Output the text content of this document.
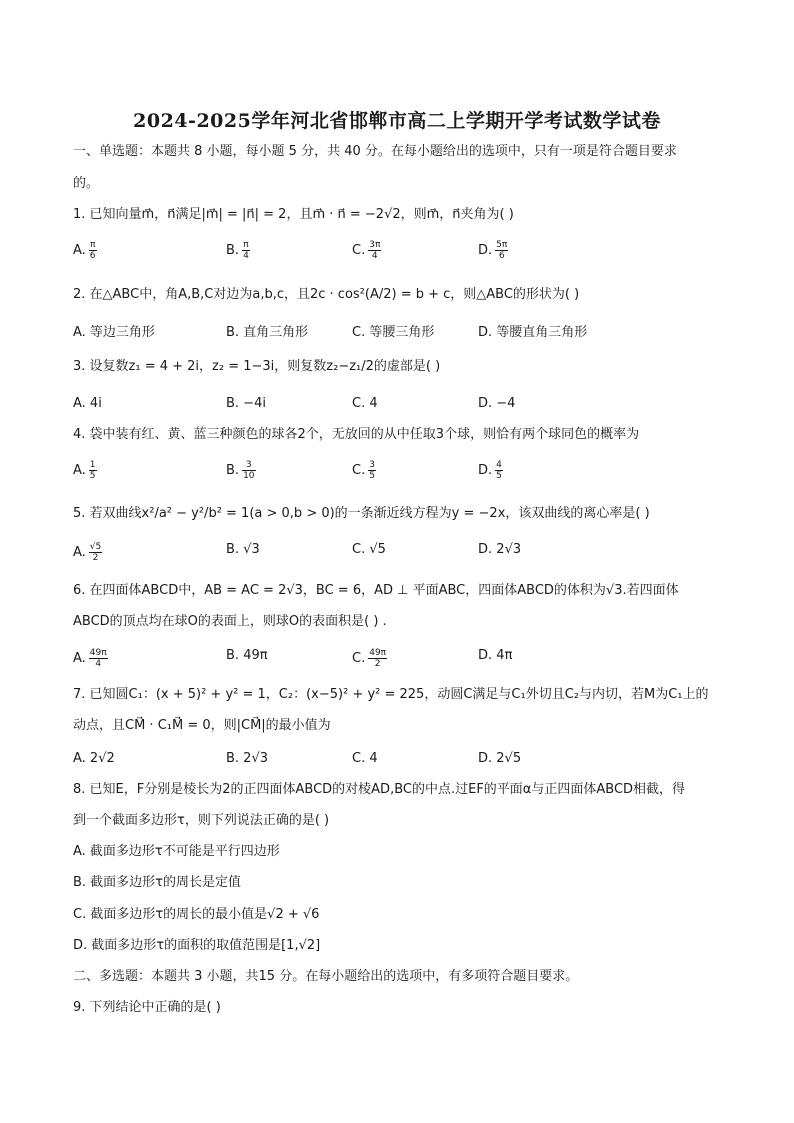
2024-2025学年河北省邯郸市高二上学期开学考试数学试卷
一、单选题：本题共 8 小题，每小题 5 分，共 40 分。在每小题给出的选项中，只有一项是符合题目要求
的。
1. 已知向量m⃗，n⃗满足|m⃗| = |n⃗| = 2，且m⃗ · n⃗ = −2√2，则m⃗，n⃗夹角为( )
A. $\frac{\pi}{6}$	B. $\frac{\pi}{4}$	C. $\frac{3\pi}{4}$	D. $\frac{5\pi}{6}$
2. 在△ABC中，角A,B,C对边为a,b,c，且2c · cos²(A/2) = b + c，则△ABC的形状为( )
A. 等边三角形	B. 直角三角形	C. 等腰三角形	D. 等腰直角三角形
3. 设复数z₁ = 4 + 2i，z₂ = 1−3i，则复数z₂−z₁/2的虚部是( )
A. 4i	B. −4i	C. 4	D. −4
4. 袋中装有红、黄、蓝三种颜色的球各2个，无放回的从中任取3个球，则恰有两个球同色的概率为
A. $\frac{1}{5}$	B. $\frac{3}{10}$	C. $\frac{3}{5}$	D. $\frac{4}{5}$
5. 若双曲线x²/a² − y²/b² = 1(a > 0,b > 0)的一条渐近线方程为y = −2x，该双曲线的离心率是( )
A. $\frac{√5}{2}$	B. √3	C. √5	D. 2√3
6. 在四面体ABCD中，AB = AC = 2√3，BC = 6，AD ⊥ 平面ABC，四面体ABCD的体积为√3.若四面体
ABCD的顶点均在球O的表面上，则球O的表面积是( ) .
A. $\frac{49\pi}{4}$	B. 49π	C. $\frac{49\pi}{2}$	D. 4π
7. 已知圆C₁：(x + 5)² + y² = 1，C₂：(x−5)² + y² = 225，动圆C满足与C₁外切且C₂与内切，若M为C₁上的
动点，且CM⃗ · C₁M⃗ = 0，则|CM⃗|的最小值为
A. 2√2	B. 2√3	C. 4	D. 2√5
8. 已知E，F分别是棱长为2的正四面体ABCD的对棱AD,BC的中点.过EF的平面α与正四面体ABCD相截，得
到一个截面多边形τ，则下列说法正确的是( )
A. 截面多边形τ不可能是平行四边形
B. 截面多边形τ的周长是定值
C. 截面多边形τ的周长的最小值是√2 + √6
D. 截面多边形τ的面积的取值范围是[1,√2]
二、多选题：本题共 3 小题，共15 分。在每小题给出的选项中，有多项符合题目要求。
9. 下列结论中正确的是( )
